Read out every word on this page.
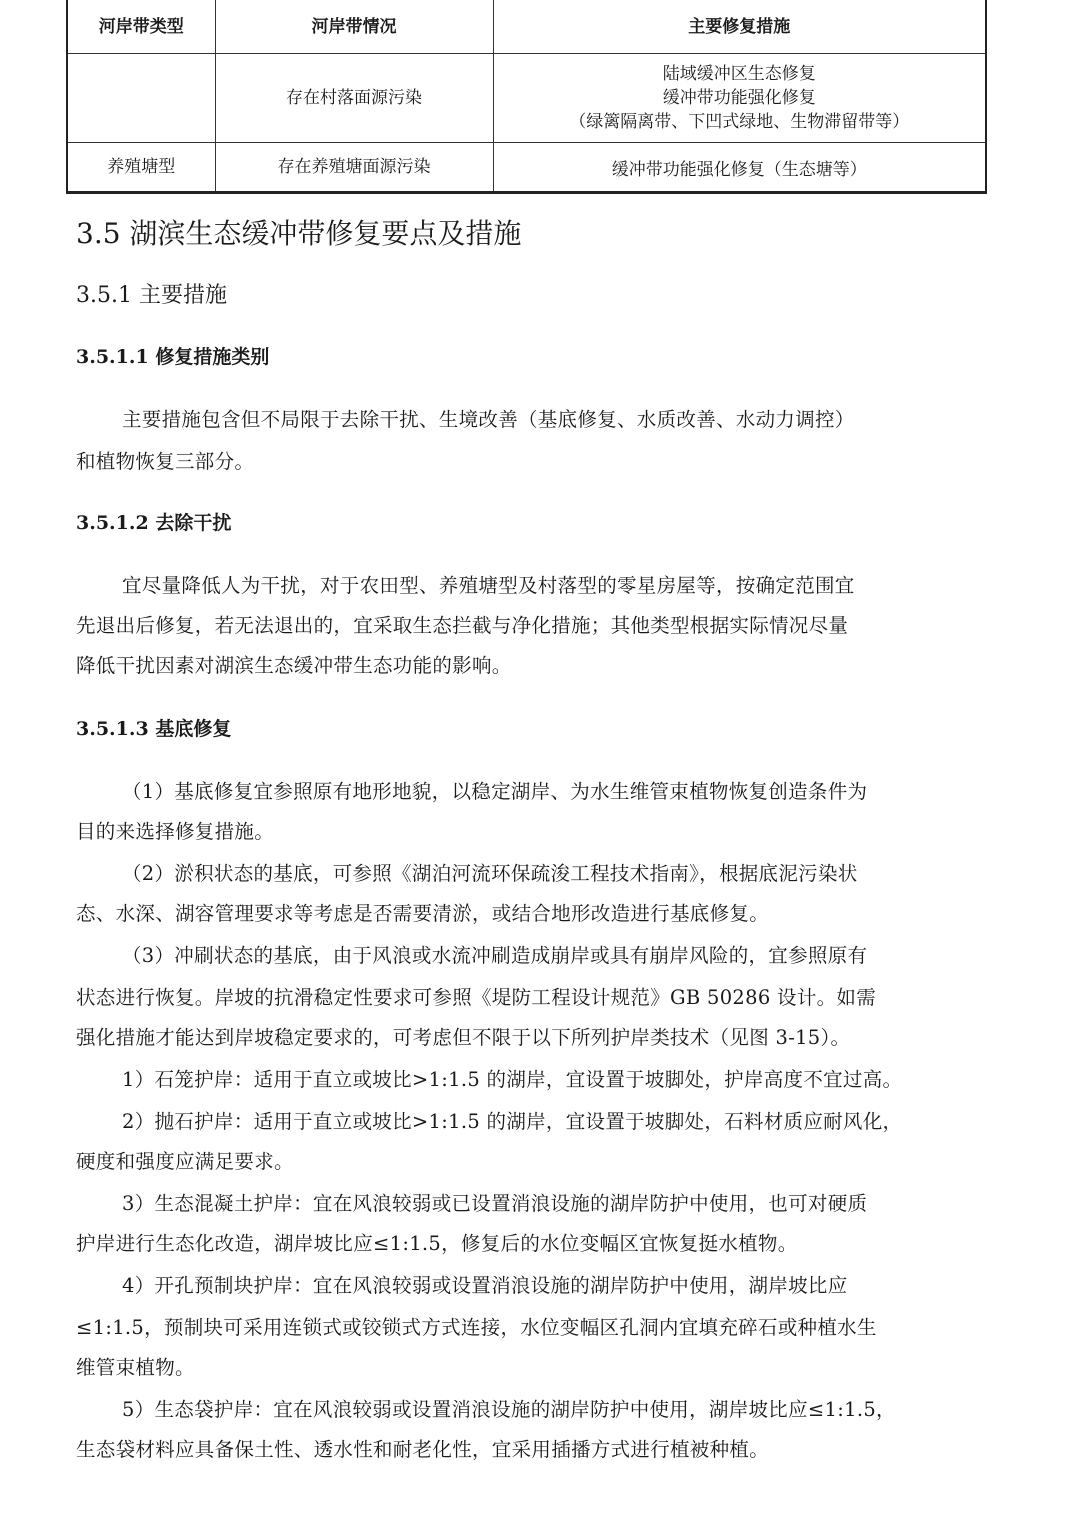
河岸带类型	河岸带情况	主要修复措施
	存在村落面源污染	陆域缓冲区生态修复
缓冲带功能强化修复
（绿篱隔离带、下凹式绿地、生物滞留带等）

养殖塘型	存在养殖塘面源污染	缓冲带功能强化修复（生态塘等）
3.5 湖滨生态缓冲带修复要点及措施
3.5.1 主要措施
3.5.1.1 修复措施类别
主要措施包含但不局限于去除干扰、生境改善（基底修复、水质改善、水动力调控）
和植物恢复三部分。
3.5.1.2 去除干扰
宜尽量降低人为干扰，对于农田型、养殖塘型及村落型的零星房屋等，按确定范围宜
先退出后修复，若无法退出的，宜采取生态拦截与净化措施；其他类型根据实际情况尽量
降低干扰因素对湖滨生态缓冲带生态功能的影响。
3.5.1.3 基底修复
（1）基底修复宜参照原有地形地貌，以稳定湖岸、为水生维管束植物恢复创造条件为
目的来选择修复措施。
（2）淤积状态的基底，可参照《湖泊河流环保疏浚工程技术指南》，根据底泥污染状
态、水深、湖容管理要求等考虑是否需要清淤，或结合地形改造进行基底修复。
（3）冲刷状态的基底，由于风浪或水流冲刷造成崩岸或具有崩岸风险的，宜参照原有
状态进行恢复。岸坡的抗滑稳定性要求可参照《堤防工程设计规范》GB 50286 设计。如需
强化措施才能达到岸坡稳定要求的，可考虑但不限于以下所列护岸类技术（见图 3-15）。
1）石笼护岸：适用于直立或坡比>1:1.5 的湖岸，宜设置于坡脚处，护岸高度不宜过高。
2）抛石护岸：适用于直立或坡比>1:1.5 的湖岸，宜设置于坡脚处，石料材质应耐风化，
硬度和强度应满足要求。
3）生态混凝土护岸：宜在风浪较弱或已设置消浪设施的湖岸防护中使用，也可对硬质
护岸进行生态化改造，湖岸坡比应≤1:1.5，修复后的水位变幅区宜恢复挺水植物。
4）开孔预制块护岸：宜在风浪较弱或设置消浪设施的湖岸防护中使用，湖岸坡比应
≤1:1.5，预制块可采用连锁式或铰锁式方式连接，水位变幅区孔洞内宜填充碎石或种植水生
维管束植物。
5）生态袋护岸：宜在风浪较弱或设置消浪设施的湖岸防护中使用，湖岸坡比应≤1:1.5，
生态袋材料应具备保土性、透水性和耐老化性，宜采用插播方式进行植被种植。
